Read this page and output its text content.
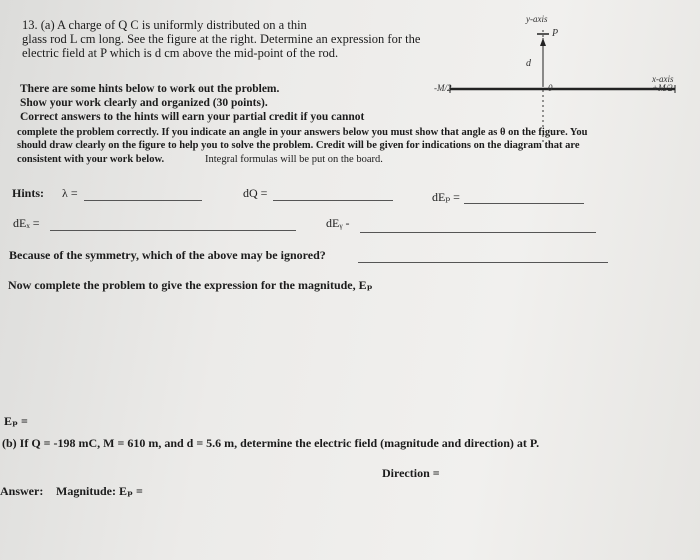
13. (a) A charge of Q C is uniformly distributed on a thin
glass rod L cm long. See the figure at the right. Determine an expression for the
electric field at P which is d cm above the mid-point of the rod.
y-axis
P
d
x-axis
-M/2	0	+M/2
There are some hints below to work out the problem.
Show your work clearly and organized (30 points).
Correct answers to the hints will earn your partial credit if you cannot
complete the problem correctly. If you indicate an angle in your answers below you must show that angle as θ on the figure. You
should draw clearly on the figure to help you to solve the problem. Credit will be given for indications on the diagram that are
consistent with your work below.	Integral formulas will be put on the board.
Hints: λ =	dQ =	dEₚ =
dEₓ =	dEᵧ -
Because of the symmetry, which of the above may be ignored?
Now complete the problem to give the expression for the magnitude, Eₚ
Eₚ =
(b) If Q = -198 mC, M = 610 m, and d = 5.6 m, determine the electric field (magnitude and direction) at P.
Direction =
Answer: Magnitude: Eₚ =
